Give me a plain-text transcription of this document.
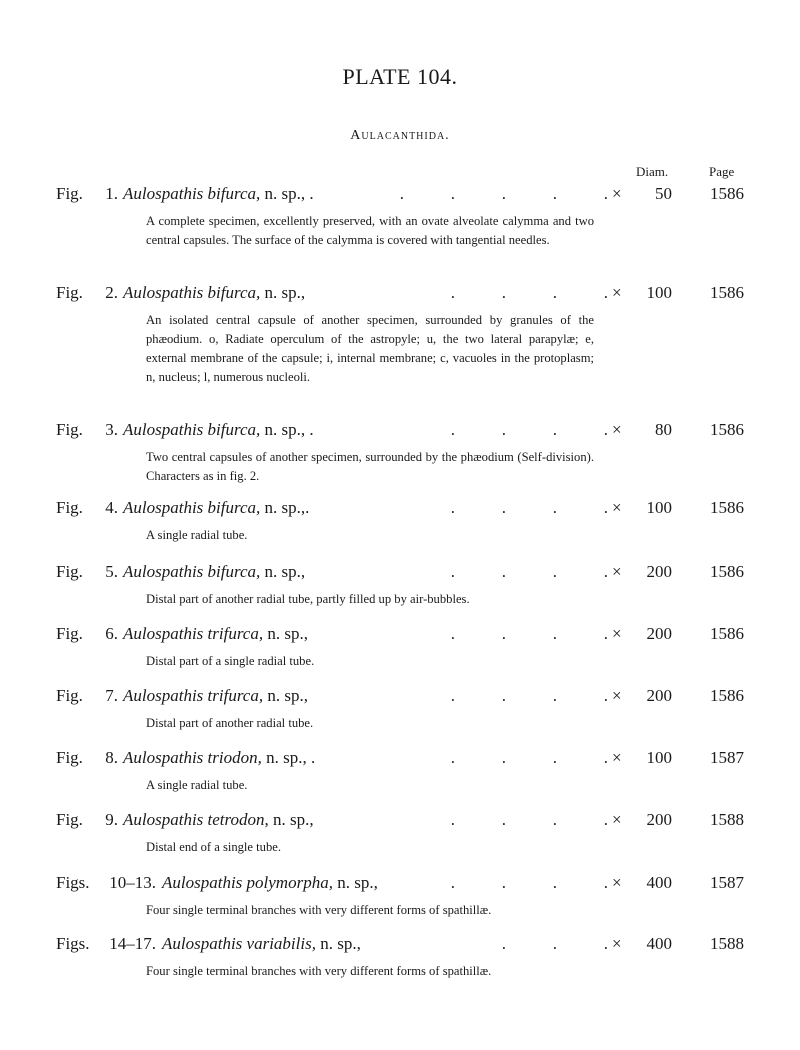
PLATE 104.
Aulacanthida.
Diam.	Page
Fig.	1. Aulospathis bifurca, n. sp., .	.           .           .           .           . ×	50	1586
A complete specimen, excellently preserved, with an ovate alveolate calymma and two central capsules. The surface of the calymma is covered with tangential needles.
Fig.	2. Aulospathis bifurca, n. sp.,	.           .           .           . ×	100	1586
An isolated central capsule of another specimen, surrounded by granules of the phæodium. o, Radiate operculum of the astropyle; u, the two lateral parapylæ; e, external membrane of the capsule; i, internal membrane; c, vacuoles in the protoplasm; n, nucleus; l, numerous nucleoli.
Fig.	3. Aulospathis bifurca, n. sp., .	.           .           .           . ×	80	1586
Two central capsules of another specimen, surrounded by the phæodium (Self-division). Characters as in fig. 2.
Fig.	4. Aulospathis bifurca, n. sp.,.	.           .           .           . ×	100	1586
A single radial tube.
Fig.	5. Aulospathis bifurca, n. sp.,	.           .           .           . ×	200	1586
Distal part of another radial tube, partly filled up by air-bubbles.
Fig.	6. Aulospathis trifurca, n. sp.,	.           .           .           . ×	200	1586
Distal part of a single radial tube.
Fig.	7. Aulospathis trifurca, n. sp.,	.           .           .           . ×	200	1586
Distal part of another radial tube.
Fig.	8. Aulospathis triodon, n. sp., .	.           .           .           . ×	100	1587
A single radial tube.
Fig.	9. Aulospathis tetrodon, n. sp.,	.           .           .           . ×	200	1588
Distal end of a single tube.
Figs.	10–13. Aulospathis polymorpha, n. sp.,	.           .           .           . ×	400	1587
Four single terminal branches with very different forms of spathillæ.
Figs.	14–17. Aulospathis variabilis, n. sp.,	.           .           . ×	400	1588
Four single terminal branches with very different forms of spathillæ.
